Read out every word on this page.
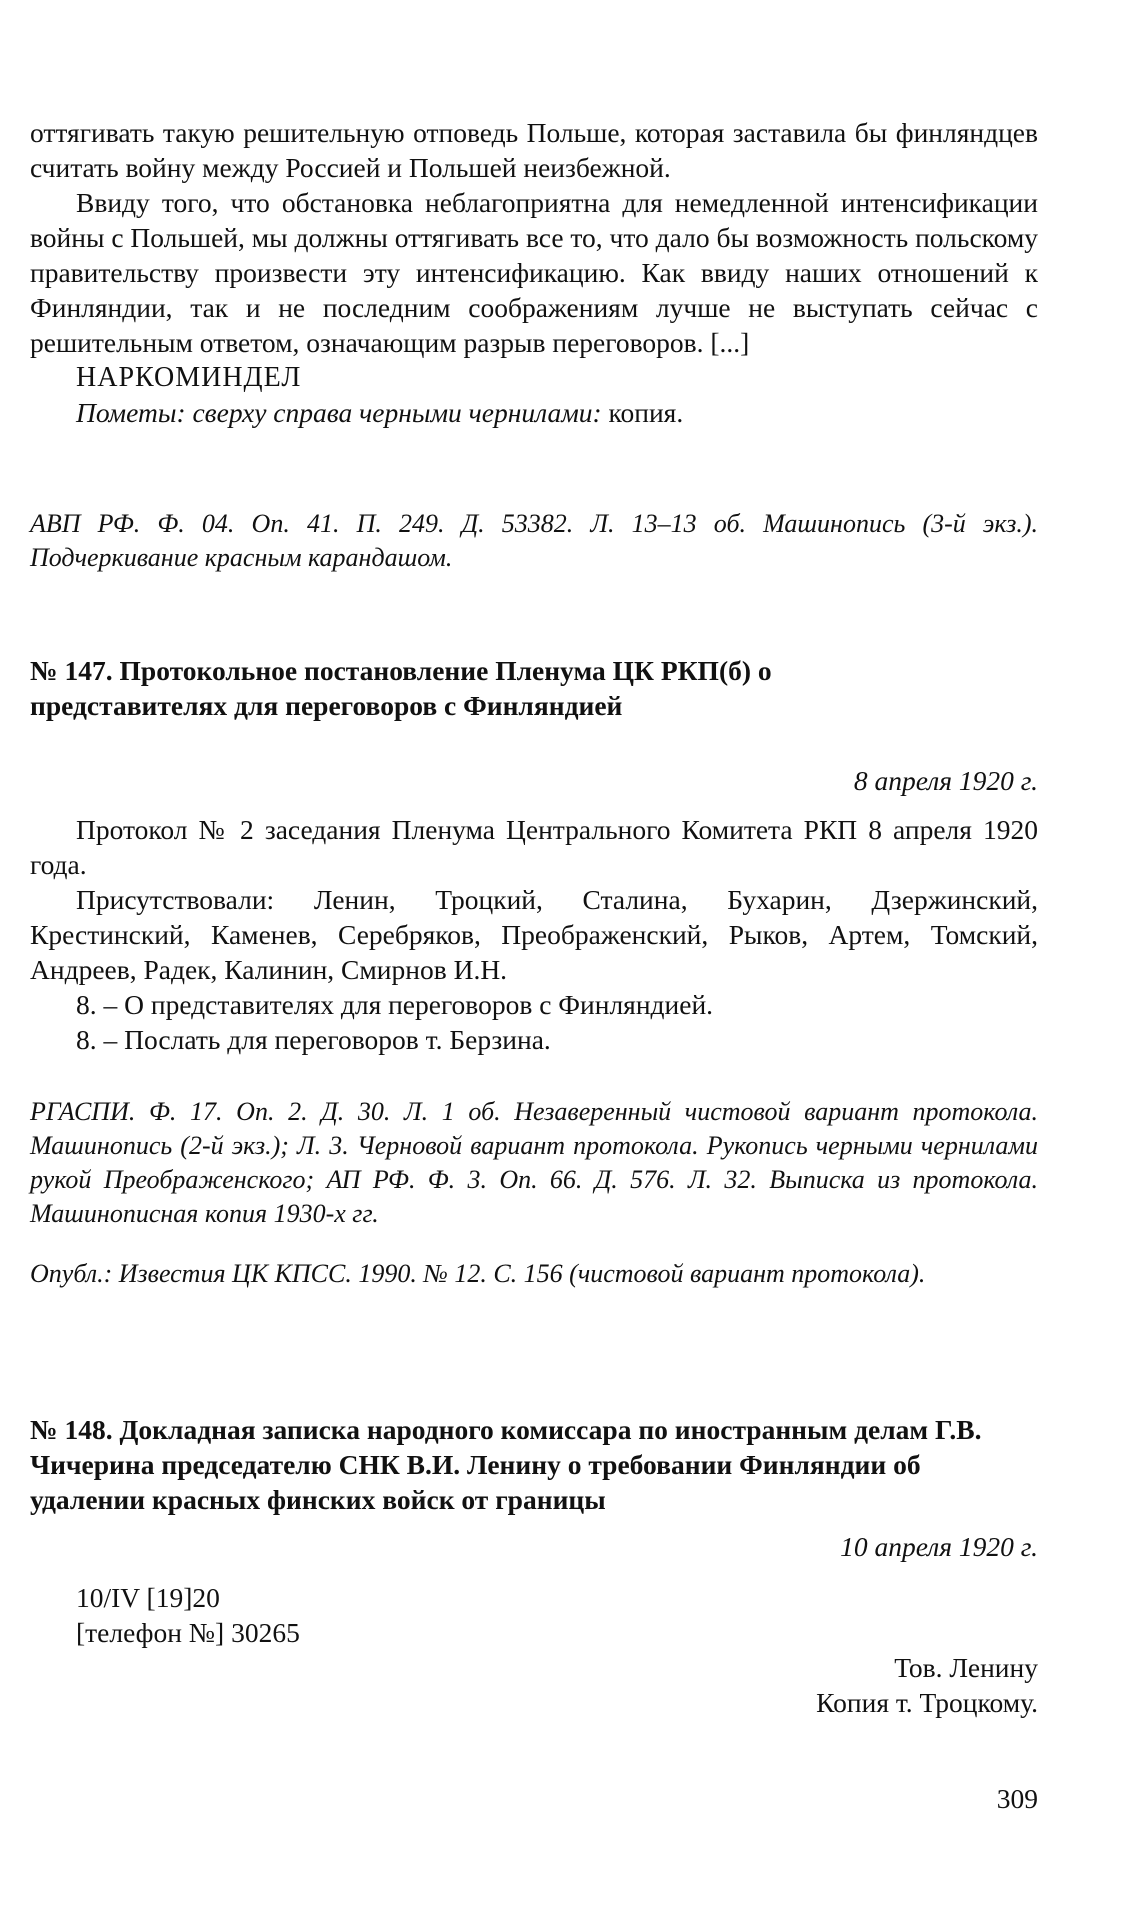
оттягивать такую решительную отповедь Польше, которая заставила бы финляндцев считать войну между Россией и Польшей неизбежной.

Ввиду того, что обстановка неблагоприятна для немедленной интенсификации войны с Польшей, мы должны оттягивать все то, что дало бы возможность польскому правительству произвести эту интенсификацию. Как ввиду наших отношений к Финляндии, так и не последним соображениям лучше не выступать сейчас с решительным ответом, означающим разрыв переговоров. [...]

НАРКОМИНДЕЛ

Пометы: сверху справа черными чернилами: копия.

АВП РФ. Ф. 04. Оп. 41. П. 249. Д. 53382. Л. 13–13 об. Машинопись (3-й экз.). Подчеркивание красным карандашом.

№ 147. Протокольное постановление Пленума ЦК РКП(б) о представителях для переговоров с Финляндией

8 апреля 1920 г.

Протокол № 2 заседания Пленума Центрального Комитета РКП 8 апреля 1920 года.

Присутствовали: Ленин, Троцкий, Сталина, Бухарин, Дзержинский, Крестинский, Каменев, Серебряков, Преображенский, Рыков, Артем, Томский, Андреев, Радек, Калинин, Смирнов И.Н.

8. – О представителях для переговоров с Финляндией.

8. – Послать для переговоров т. Берзина.

РГАСПИ. Ф. 17. Оп. 2. Д. 30. Л. 1 об. Незаверенный чистовой вариант протокола. Машинопись (2-й экз.); Л. 3. Черновой вариант протокола. Рукопись черными чернилами рукой Преображенского; АП РФ. Ф. 3. Оп. 66. Д. 576. Л. 32. Выписка из протокола. Машинописная копия 1930-х гг.

Опубл.: Известия ЦК КПСС. 1990. № 12. С. 156 (чистовой вариант протокола).

№ 148. Докладная записка народного комиссара по иностранным делам Г.В. Чичерина председателю СНК В.И. Ленину о требовании Финляндии об удалении красных финских войск от границы

10 апреля 1920 г.

10/IV [19]20

[телефон №] 30265

Тов. Ленину

Копия т. Троцкому.

309
